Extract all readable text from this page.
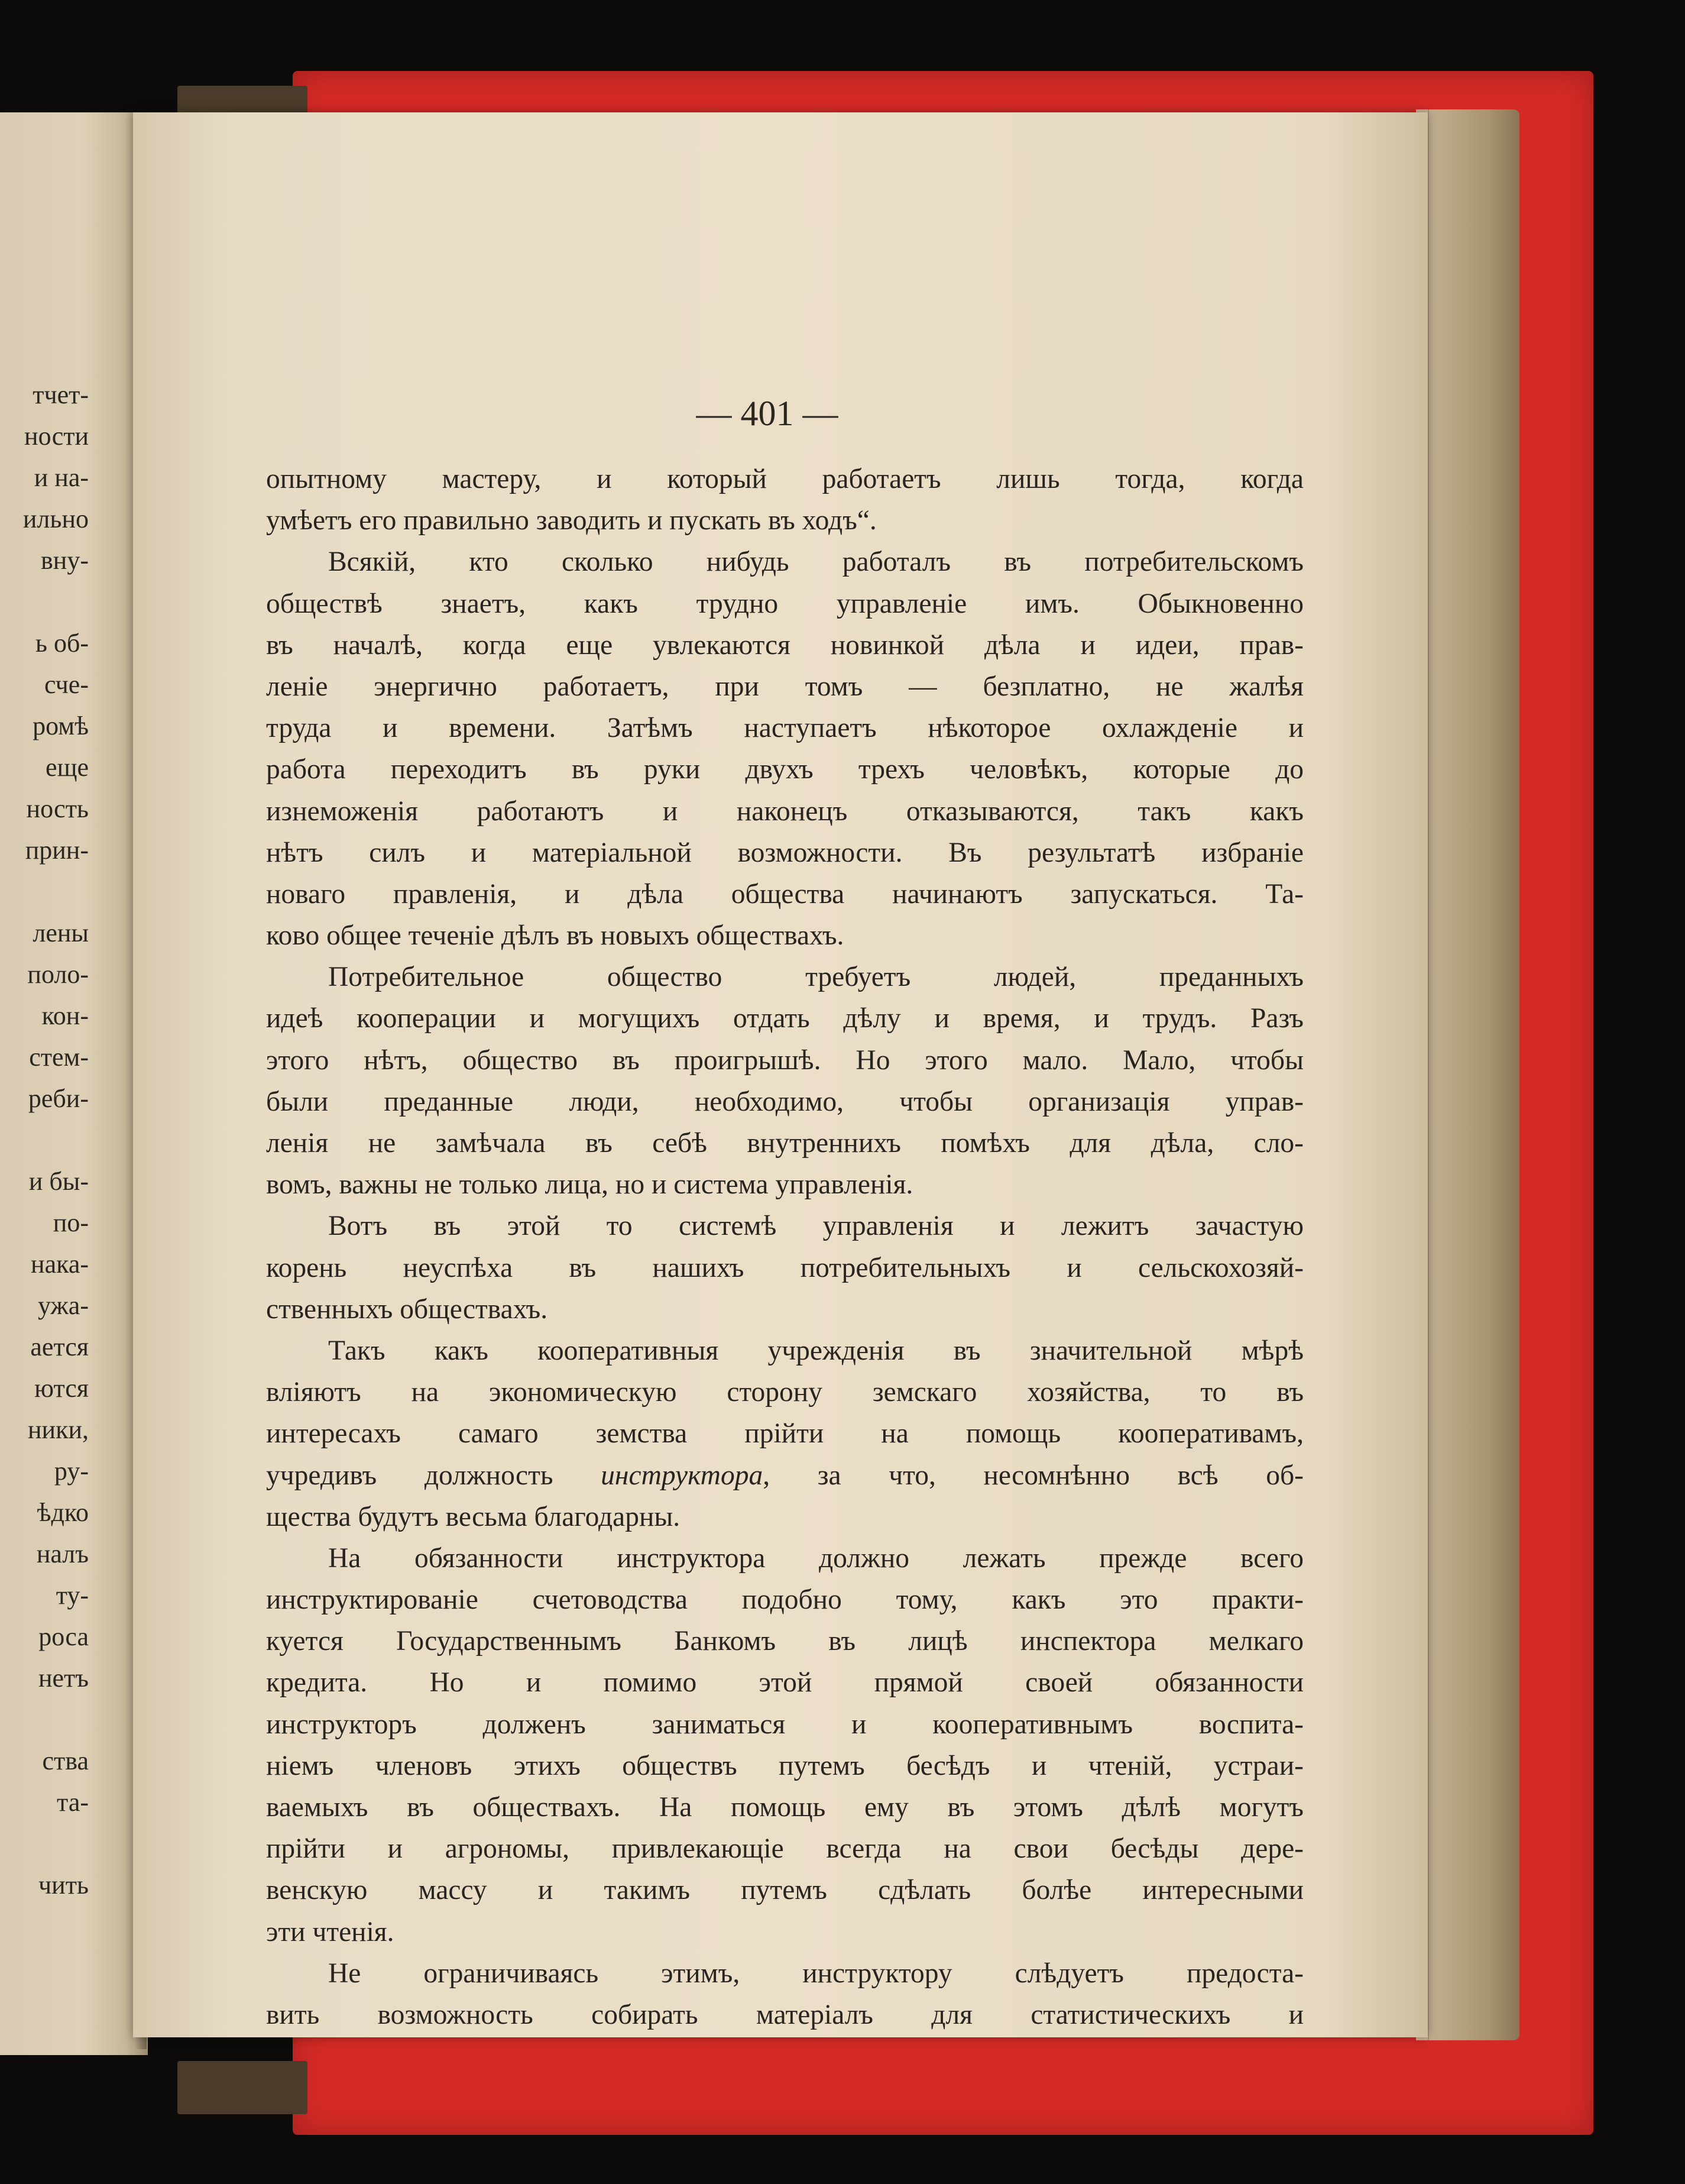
тчет-
ности
и на-
ильно
вну-
ь об-
сче-
ромѣ
еще
ность
прин-
лены
поло-
кон-
стем-
реби-
и бы-
по-
нака-
ужа-
ается
ются
ники,
ру-
ѣдко
налъ
ту-
роса
нетъ
ства
та-
чить
— 401 —
опытному мастеру, и который работаетъ лишь тогда, когда
умѣетъ его правильно заводить и пускать въ ходъ“.
Всякій, кто сколько нибудь работалъ въ потребительскомъ
обществѣ знаетъ, какъ трудно управленіе имъ. Обыкновенно
въ началѣ, когда еще увлекаются новинкой дѣла и идеи, прав-
леніе энергично работаетъ, при томъ — безплатно, не жалѣя
труда и времени. Затѣмъ наступаетъ нѣкоторое охлажденіе и
работа переходитъ въ руки двухъ трехъ человѣкъ, которые до
изнеможенія работаютъ и наконецъ отказываются, такъ какъ
нѣтъ силъ и матеріальной возможности. Въ результатѣ избраніе
новаго правленія, и дѣла общества начинаютъ запускаться. Та-
ково общее теченіе дѣлъ въ новыхъ обществахъ.
Потребительное общество требуетъ людей, преданныхъ
идеѣ кооперации и могущихъ отдать дѣлу и время, и трудъ. Разъ
этого нѣтъ, общество въ проигрышѣ. Но этого мало. Мало, чтобы
были преданные люди, необходимо, чтобы организація управ-
ленія не замѣчала въ себѣ внутреннихъ помѣхъ для дѣла, сло-
вомъ, важны не только лица, но и система управленія.
Вотъ въ этой то системѣ управленія и лежитъ зачастую
корень неуспѣха въ нашихъ потребительныхъ и сельскохозяй-
ственныхъ обществахъ.
Такъ какъ кооперативныя учрежденія въ значительной мѣрѣ
вліяютъ на экономическую сторону земскаго хозяйства, то въ
интересахъ самаго земства прійти на помощь кооперативамъ,
учредивъ должность инструктора, за что, несомнѣнно всѣ об-
щества будутъ весьма благодарны.
На обязанности инструктора должно лежать прежде всего
инструктированіе счетоводства подобно тому, какъ это практи-
куется Государственнымъ Банкомъ въ лицѣ инспектора мелкаго
кредита. Но и помимо этой прямой своей обязанности
инструкторъ долженъ заниматься и кооперативнымъ воспита-
ніемъ членовъ этихъ обществъ путемъ бесѣдъ и чтеній, устраи-
ваемыхъ въ обществахъ. На помощь ему въ этомъ дѣлѣ могутъ
прійти и агрономы, привлекающіе всегда на свои бесѣды дере-
венскую массу и такимъ путемъ сдѣлать болѣе интересными
эти чтенія.
Не ограничиваясь этимъ, инструктору слѣдуетъ предоста-
вить возможность собирать матеріалъ для статистическихъ и
